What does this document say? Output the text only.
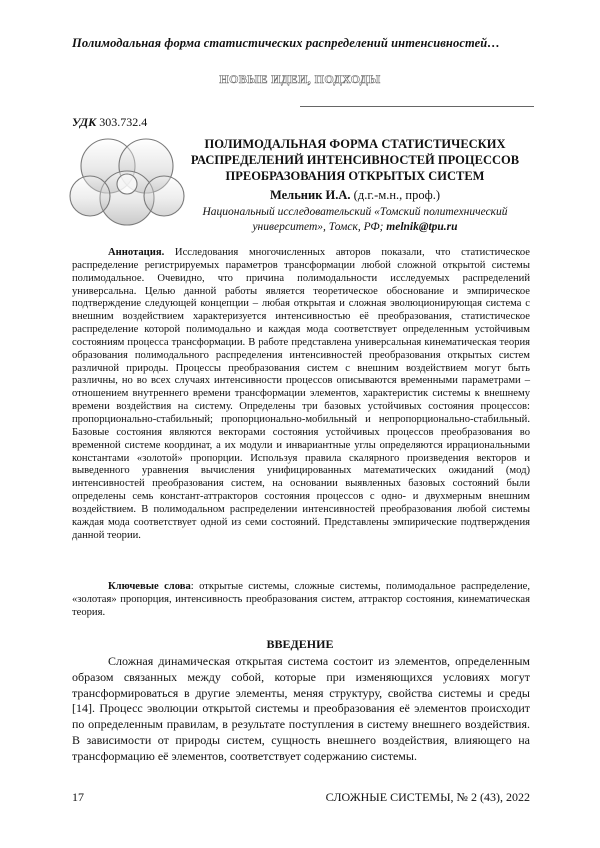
Полимодальная форма статистических распределений интенсивностей…
НОВЫЕ ИДЕИ, ПОДХОДЫ
УДК 303.732.4
ПОЛИМОДАЛЬНАЯ ФОРМА СТАТИСТИЧЕСКИХ РАСПРЕДЕЛЕНИЙ ИНТЕНСИВНОСТЕЙ ПРОЦЕССОВ ПРЕОБРАЗОВАНИЯ ОТКРЫТЫХ СИСТЕМ
Мельник И.А. (д.г.-м.н., проф.)
Национальный исследовательский «Томский политехнический университет», Томск, РФ; melnik@tpu.ru

Аннотация. Исследования многочисленных авторов показали, что статистическое распределение регистрируемых параметров трансформации любой сложной открытой системы полимодальное. Очевидно, что причина полимодальности исследуемых распределений универсальна. Целью данной работы является теоретическое обоснование и эмпирическое подтверждение следующей концепции – любая открытая и сложная эволюционирующая система с внешним воздействием характеризуется интенсивностью её преобразования, статистическое распределение которой полимодально и каждая мода соответствует определенным устойчивым состояниям процесса трансформации. В работе представлена универсальная кинематическая теория образования полимодального распределения интенсивностей преобразования открытых систем различной природы. Процессы преобразования систем с внешним воздействием могут быть различны, но во всех случаях интенсивности процессов описываются временными параметрами – отношением внутреннего времени трансформации элементов, характеристик системы к внешнему времени воздействия на систему. Определены три базовых устойчивых состояния процессов: пропорционально-стабильный; пропорционально-мобильный и непропорционально-стабильный. Базовые состояния являются векторами состояния устойчивых процессов преобразования во временной системе координат, а их модули и инвариантные углы определяются иррациональными константами «золотой» пропорции. Используя правила скалярного произведения векторов и выведенного уравнения вычисления унифицированных математических ожиданий (мод) интенсивностей преобразования систем, на основании выявленных базовых состояний были определены семь констант-аттракторов состояния процессов с одно- и двухмерным внешним воздействием. В полимодальном распределении интенсивностей преобразования любой системы каждая мода соответствует одной из семи состояний. Представлены эмпирические подтверждения данной теории.

Ключевые слова: открытые системы, сложные системы, полимодальное распределение, «золотая» пропорция, интенсивность преобразования систем, аттрактор состояния, кинематическая теория.

ВВЕДЕНИЕ

Сложная динамическая открытая система состоит из элементов, определенным образом связанных между собой, которые при изменяющихся условиях могут трансформироваться в другие элементы, меняя структуру, свойства системы и среды [14]. Процесс эволюции открытой системы и преобразования её элементов происходит по определенным правилам, в результате поступления в систему внешнего воздействия. В зависимости от природы систем, сущность внешнего воздействия, влияющего на трансформацию её элементов, соответствует содержанию системы.

17	СЛОЖНЫЕ СИСТЕМЫ, № 2 (43), 2022
